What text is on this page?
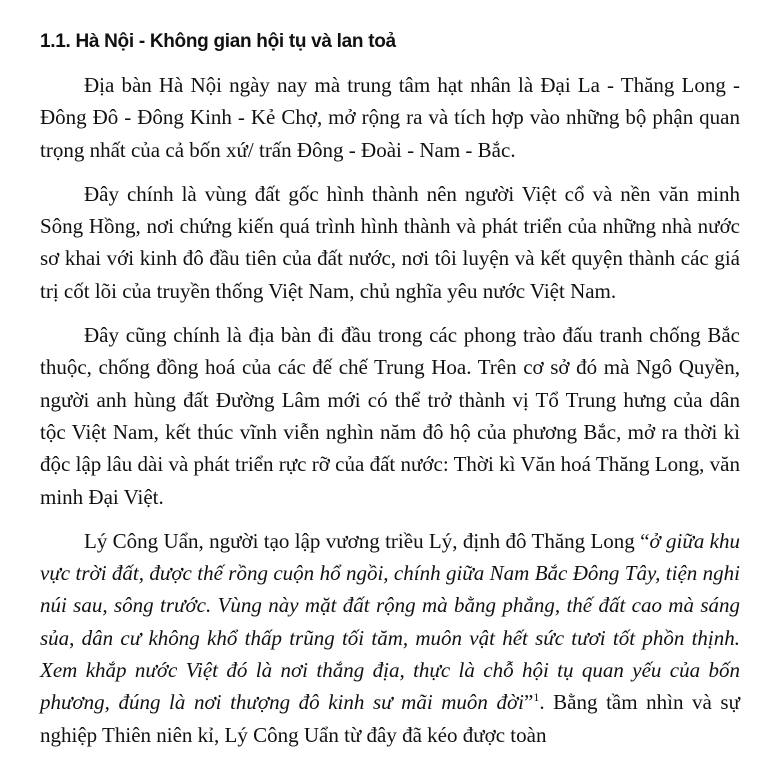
1.1. Hà Nội - Không gian hội tụ và lan toả

Địa bàn Hà Nội ngày nay mà trung tâm hạt nhân là Đại La - Thăng Long - Đông Đô - Đông Kinh - Kẻ Chợ, mở rộng ra và tích hợp vào những bộ phận quan trọng nhất của cả bốn xứ/ trấn Đông - Đoài - Nam - Bắc.

Đây chính là vùng đất gốc hình thành nên người Việt cổ và nền văn minh Sông Hồng, nơi chứng kiến quá trình hình thành và phát triển của những nhà nước sơ khai với kinh đô đầu tiên của đất nước, nơi tôi luyện và kết quyện thành các giá trị cốt lõi của truyền thống Việt Nam, chủ nghĩa yêu nước Việt Nam.

Đây cũng chính là địa bàn đi đầu trong các phong trào đấu tranh chống Bắc thuộc, chống đồng hoá của các đế chế Trung Hoa. Trên cơ sở đó mà Ngô Quyền, người anh hùng đất Đường Lâm mới có thể trở thành vị Tổ Trung hưng của dân tộc Việt Nam, kết thúc vĩnh viễn nghìn năm đô hộ của phương Bắc, mở ra thời kì độc lập lâu dài và phát triển rực rỡ của đất nước: Thời kì Văn hoá Thăng Long, văn minh Đại Việt.

Lý Công Uẩn, người tạo lập vương triều Lý, định đô Thăng Long “ở giữa khu vực trời đất, được thế rồng cuộn hổ ngồi, chính giữa Nam Bắc Đông Tây, tiện nghi núi sau, sông trước. Vùng này mặt đất rộng mà bằng phẳng, thế đất cao mà sáng sủa, dân cư không khổ thấp trũng tối tăm, muôn vật hết sức tươi tốt phồn thịnh. Xem khắp nước Việt đó là nơi thắng địa, thực là chỗ hội tụ quan yếu của bốn phương, đúng là nơi thượng đô kinh sư mãi muôn đời”$^1$. Bằng tầm nhìn và sự nghiệp Thiên niên kỉ, Lý Công Uẩn từ đây đã kéo được toàn
